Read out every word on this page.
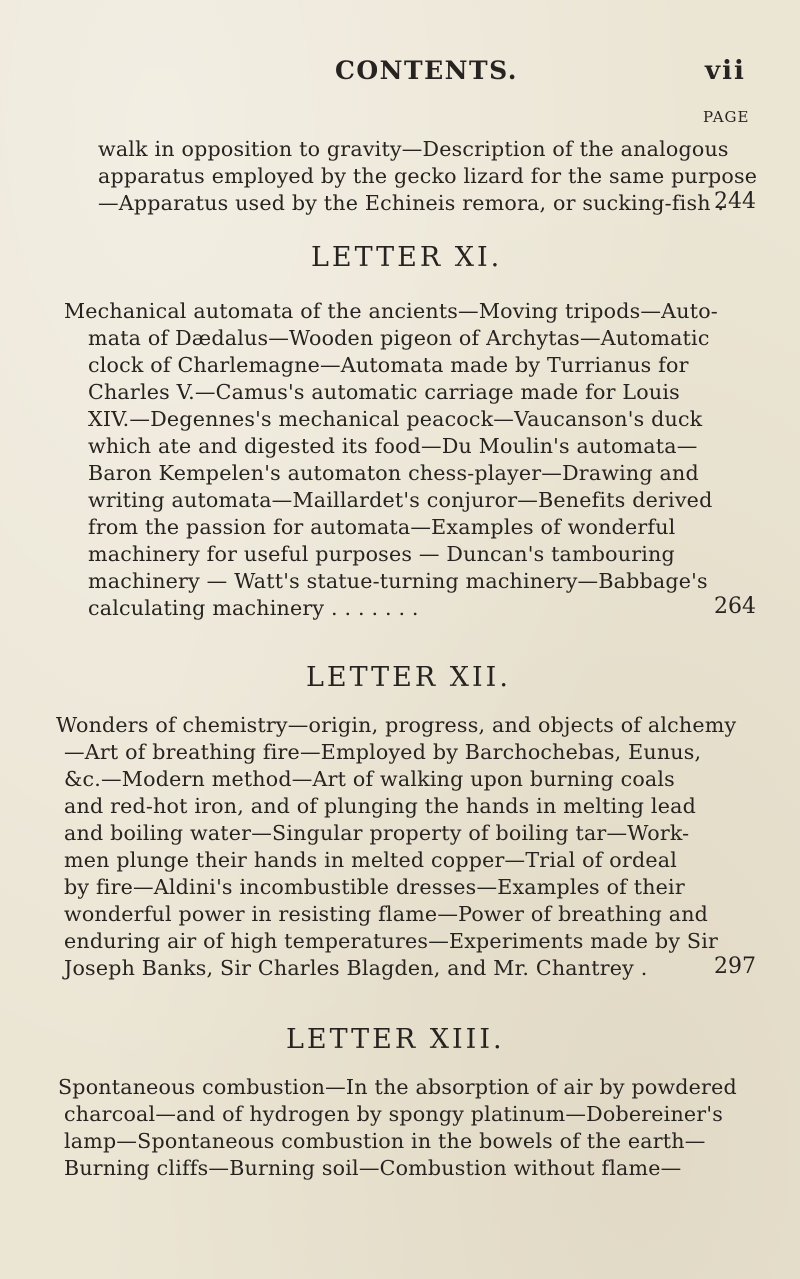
CONTENTS.	vii
PAGE
walk in opposition to gravity—Description of the analogous
apparatus employed by the gecko lizard for the same purpose
—Apparatus used by the Echineis remora, or sucking-fish .
244
LETTER XI.
Mechanical automata of the ancients—Moving tripods—Auto-
mata of Dædalus—Wooden pigeon of Archytas—Automatic
clock of Charlemagne—Automata made by Turrianus for
Charles V.—Camus's automatic carriage made for Louis
XIV.—Degennes's mechanical peacock—Vaucanson's duck
which ate and digested its food—Du Moulin's automata—
Baron Kempelen's automaton chess-player—Drawing and
writing automata—Maillardet's conjuror—Benefits derived
from the passion for automata—Examples of wonderful
machinery for useful purposes — Duncan's tambouring
machinery — Watt's statue-turning machinery—Babbage's
calculating machinery . . . . . . .	264
LETTER XII.
Wonders of chemistry—origin, progress, and objects of alchemy
—Art of breathing fire—Employed by Barchochebas, Eunus,
&c.—Modern method—Art of walking upon burning coals
and red-hot iron, and of plunging the hands in melting lead
and boiling water—Singular property of boiling tar—Work-
men plunge their hands in melted copper—Trial of ordeal
by fire—Aldini's incombustible dresses—Examples of their
wonderful power in resisting flame—Power of breathing and
enduring air of high temperatures—Experiments made by Sir
Joseph Banks, Sir Charles Blagden, and Mr. Chantrey .	297
LETTER XIII.
Spontaneous combustion—In the absorption of air by powdered
charcoal—and of hydrogen by spongy platinum—Dobereiner's
lamp—Spontaneous combustion in the bowels of the earth—
Burning cliffs—Burning soil—Combustion without flame—
